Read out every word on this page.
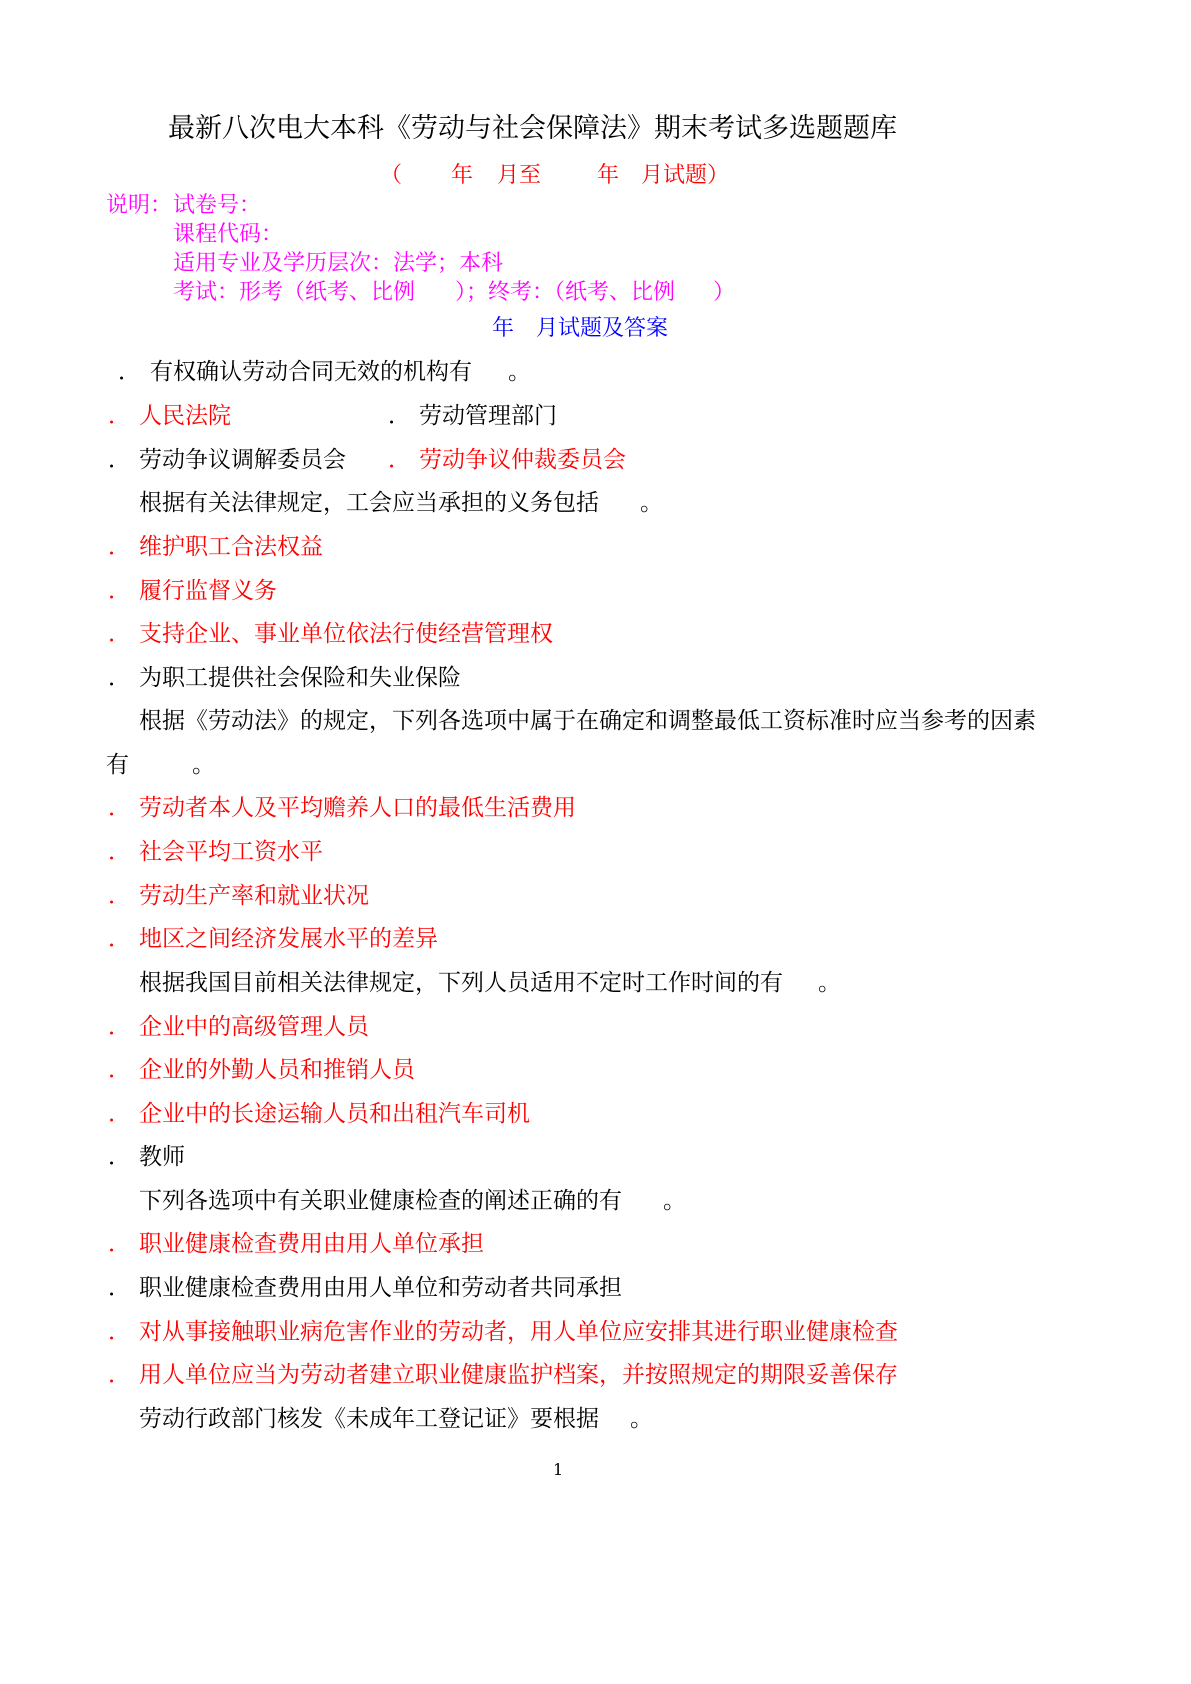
最新八次电大本科《劳动与社会保障法》期末考试多选题题库
（ 年 月至	年 月试题）
说明： 试卷号：
课程代码：
适用专业及学历层次：法学；本科
考试：形考（纸考、比例 ）；终考：（纸考、比例 ）
年 月试题及答案
． 有权确认劳动合同无效的机构有 。
． 人民法院	． 劳动管理部门
． 劳动争议调解委员会 ． 劳动争议仲裁委员会
根据有关法律规定，工会应当承担的义务包括 。
． 维护职工合法权益
． 履行监督义务
． 支持企业、事业单位依法行使经营管理权
． 为职工提供社会保险和失业保险
根据《劳动法》的规定，下列各选项中属于在确定和调整最低工资标准时应当参考的因素
有	。
． 劳动者本人及平均赡养人口的最低生活费用
． 社会平均工资水平
． 劳动生产率和就业状况
． 地区之间经济发展水平的差异
根据我国目前相关法律规定，下列人员适用不定时工作时间的有 。
． 企业中的高级管理人员
． 企业的外勤人员和推销人员
． 企业中的长途运输人员和出租汽车司机
． 教师
下列各选项中有关职业健康检查的阐述正确的有 。
． 职业健康检查费用由用人单位承担
． 职业健康检查费用由用人单位和劳动者共同承担
． 对从事接触职业病危害作业的劳动者，用人单位应安排其进行职业健康检查
． 用人单位应当为劳动者建立职业健康监护档案，并按照规定的期限妥善保存
劳动行政部门核发《未成年工登记证》要根据 。
1
